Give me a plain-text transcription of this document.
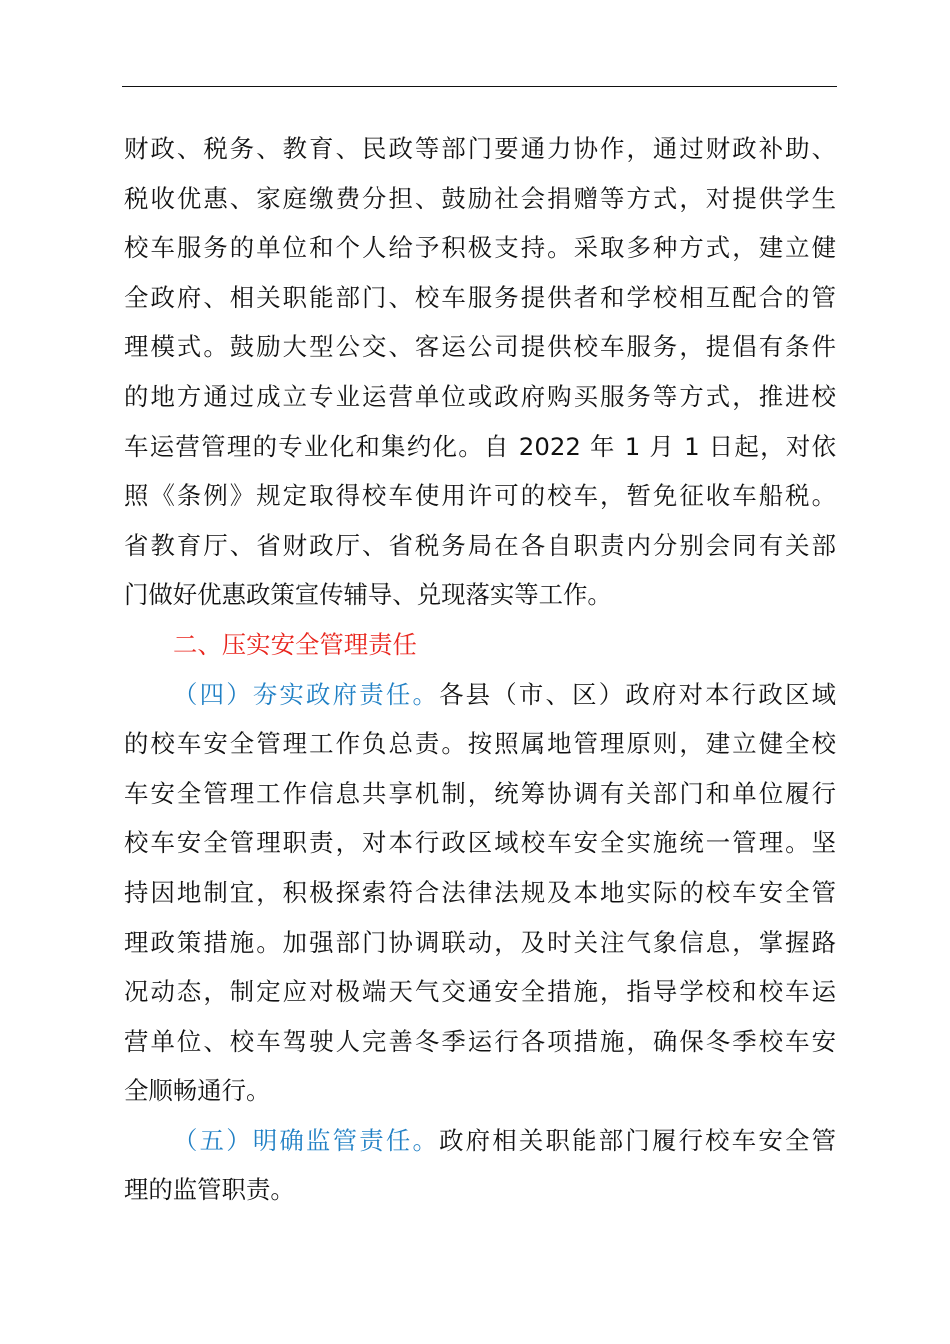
财政、税务、教育、民政等部门要通力协作，通过财政补助、
税收优惠、家庭缴费分担、鼓励社会捐赠等方式，对提供学生
校车服务的单位和个人给予积极支持。采取多种方式，建立健
全政府、相关职能部门、校车服务提供者和学校相互配合的管
理模式。鼓励大型公交、客运公司提供校车服务，提倡有条件
的地方通过成立专业运营单位或政府购买服务等方式，推进校
车运营管理的专业化和集约化。自 2022 年 1 月 1 日起，对依
照《条例》规定取得校车使用许可的校车，暂免征收车船税。
省教育厅、省财政厅、省税务局在各自职责内分别会同有关部
门做好优惠政策宣传辅导、兑现落实等工作。
二、压实安全管理责任
（四）夯实政府责任。各县（市、区）政府对本行政区域
的校车安全管理工作负总责。按照属地管理原则，建立健全校
车安全管理工作信息共享机制，统筹协调有关部门和单位履行
校车安全管理职责，对本行政区域校车安全实施统一管理。坚
持因地制宜，积极探索符合法律法规及本地实际的校车安全管
理政策措施。加强部门协调联动，及时关注气象信息，掌握路
况动态，制定应对极端天气交通安全措施，指导学校和校车运
营单位、校车驾驶人完善冬季运行各项措施，确保冬季校车安
全顺畅通行。
（五）明确监管责任。政府相关职能部门履行校车安全管
理的监管职责。
